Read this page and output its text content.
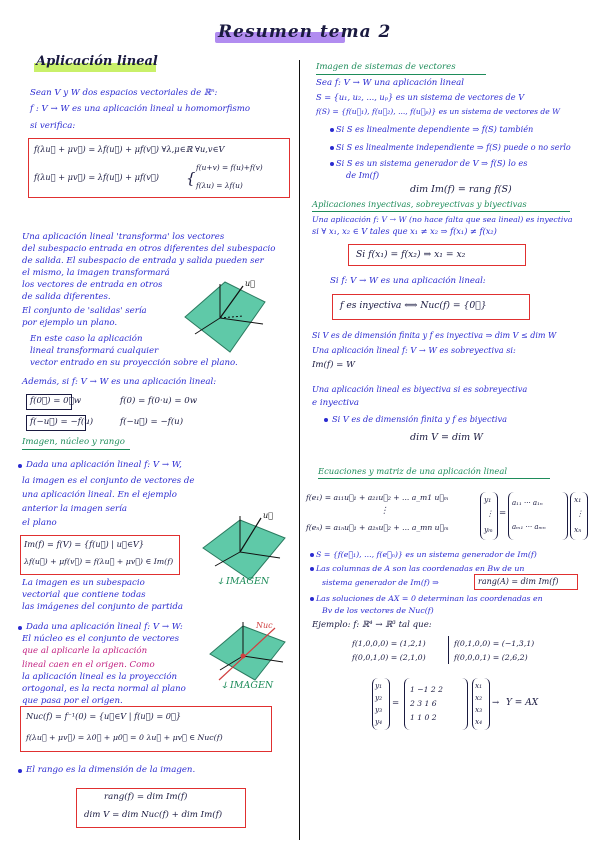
Resumen tema 2
Aplicación lineal
Sean V y W dos espacios vectoriales de ℝⁿ:
f : V → W es una aplicación lineal u homomorfismo
si verifica:
f(λu⃗ + μv⃗) = λf(u⃗) + μf(v⃗) ∀λ,μ∈ℝ ∀u,v∈V
f(λu⃗ + μv⃗) = λf(u⃗) + μf(v⃗) {
f(u+v) = f(u)+f(v)
f(λu) = λf(u)
Una aplicación lineal 'transforma' los vectores
del subespacio entrada en otros diferentes del subespacio
de salida. El subespacio de entrada y salida pueden ser
el mismo, la imagen transformará
los vectores de entrada en otros
de salida diferentes.
El conjunto de 'salidas' sería
por ejemplo un plano.
En este caso la aplicación
lineal transformará cualquier
vector entrado en su proyección sobre el plano.
u⃗
Además, si f: V → W es una aplicación lineal:
f(0⃗) = 0⃗w	f(0) = f(0·u) = 0w
f(−u⃗) = −f(u)	f(−u⃗) = −f(u)
Imagen, núcleo y rango
Dada una aplicación lineal f: V → W,
la imagen es el conjunto de vectores de
una aplicación lineal. En el ejemplo
anterior la imagen sería
el plano
u⃗
Im(f) = f(V) = {f(u⃗) | u⃗∈V}
λf(u⃗) + μf(v⃗) = f(λu⃗ + μv⃗) ∈ Im(f)
ↆ IMAGEN
La imagen es un subespacio
vectorial que contiene todas
las imágenes del conjunto de partida
Dada una aplicación lineal f: V → W:
El núcleo es el conjunto de vectores
que al aplicarle la aplicación
lineal caen en el origen. Como
la aplicación lineal es la proyección
ortogonal, es la recta normal al plano
que pasa por el origen.
Nuc
ↆ IMAGEN
Nuc(f) = f⁻¹(0) = {u⃗∈V | f(u⃗) = 0⃗}
f(λu⃗ + μv⃗) = λ0⃗ + μ0⃗ = 0 λu⃗ + μv⃗ ∈ Nuc(f)
El rango es la dimensión de la imagen.
rang(f) = dim Im(f)
dim V = dim Nuc(f) + dim Im(f)
Imagen de sistemas de vectores
Sea f: V → W una aplicación lineal
S = {u₁, u₂, ..., uₚ} es un sistema de vectores de V
f(S) = {f(u⃗₁), f(u⃗₂), ..., f(u⃗ₚ)} es un sistema de vectores de W
Si S es linealmente dependiente ⇒ f(S) también
Si S es linealmente independiente ⇒ f(S) puede o no serlo
Si S es un sistema generador de V ⇒ f(S) lo es
de Im(f)
dim Im(f) = rang f(S)
Aplicaciones inyectivas, sobreyectivas y biyectivas
Una aplicación f: V → W (no hace falta que sea lineal) es inyectiva
si ∀ x₁, x₂ ∈ V tales que x₁ ≠ x₂ ⇒ f(x₁) ≠ f(x₂)
Si f(x₁) = f(x₂) ⇒ x₁ = x₂
Si f: V → W es una aplicación lineal:
f es inyectiva ⟺ Nuc(f) = {0⃗}
Si V es de dimensión finita y f es inyectiva ⇒ dim V ≤ dim W
Una aplicación lineal f: V → W es sobreyectiva si:
Im(f) = W
Una aplicación lineal es biyectiva si es sobreyectiva
e inyectiva
Si V es de dimensión finita y f es biyectiva
dim V = dim W
Ecuaciones y matriz de una aplicación lineal
f(e₁) = a₁₁u⃗₁ + a₂₁u⃗₂ + ... a_m1 u⃗ₘ
⋮
f(eₙ) = a₁ₙu⃗₁ + a₂ₙu⃗₂ + ... a_mn u⃗ₘ
y₁
⋮
yₘ
=
a₁₁ ··· a₁ₙ
aₘ₁ ··· aₘₙ
x₁
⋮
xₙ
S = {f(e⃗₁), ..., f(e⃗ₙ)} es un sistema generador de Im(f)
Las columnas de A son las coordenadas en Bw de un
sistema generador de Im(f) ⇒	rang(A) = dim Im(f)
Las soluciones de AX = 0 determinan las coordenadas en
Bv de los vectores de Nuc(f)
Ejemplo: f: ℝ⁴ → ℝ³ tal que:
f(1,0,0,0) = (1,2,1)
f(0,0,1,0) = (2,1,0)
f(0,1,0,0) = (−1,3,1)
f(0,0,0,1) = (2,6,2)
y₁
y₂
y₃
y₄
=
1 −1 2 2
2 3 1 6
1 1 0 2
x₁
x₂
x₃
x₄
→ Y = AX
